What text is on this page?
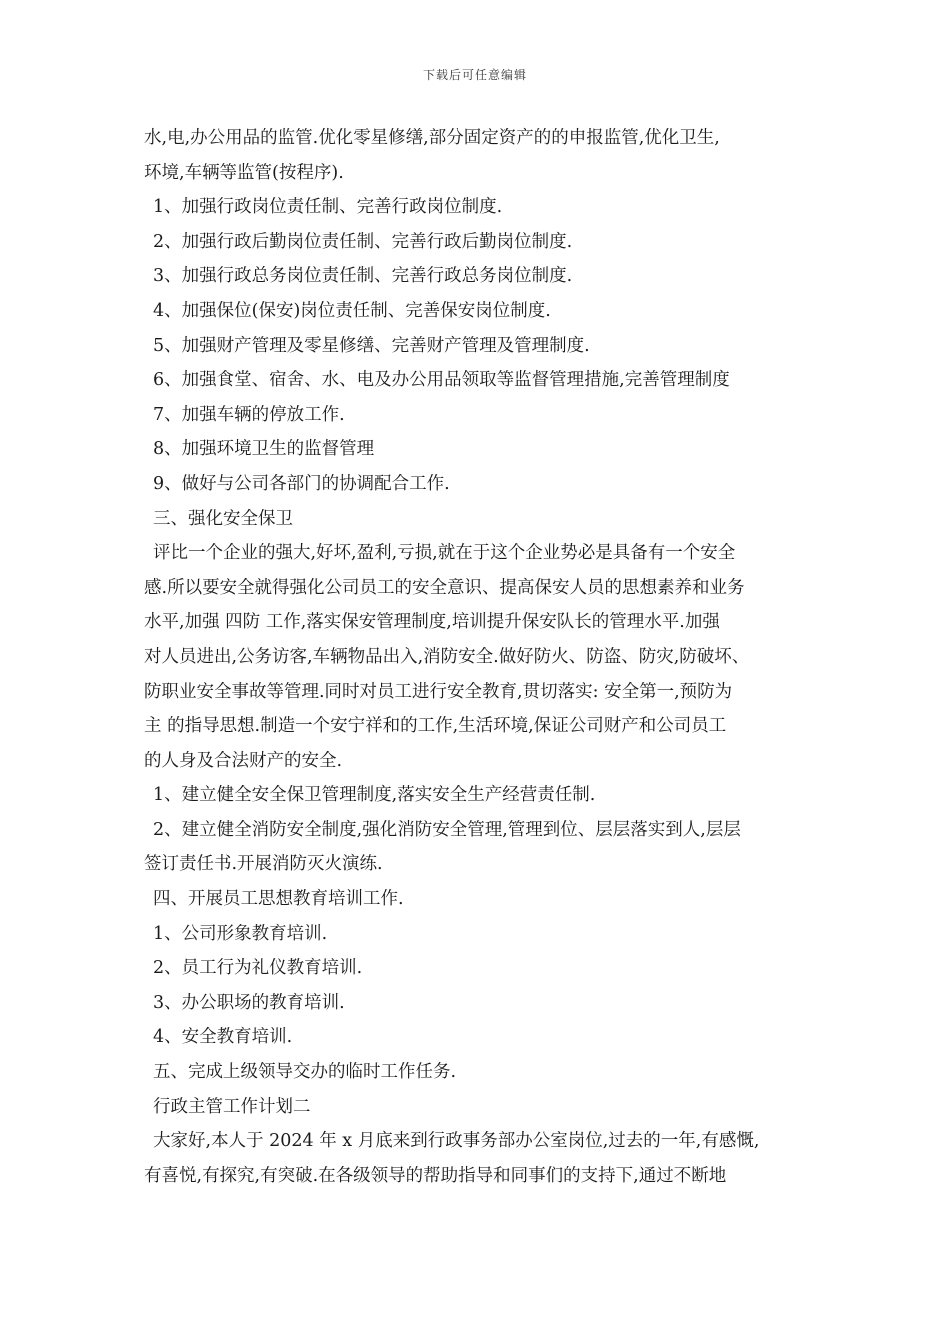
下载后可任意编辑
水,电,办公用品的监管.优化零星修缮,部分固定资产的的申报监管,优化卫生,
环境,车辆等监管(按程序).
1、加强行政岗位责任制、完善行政岗位制度.
2、加强行政后勤岗位责任制、完善行政后勤岗位制度.
3、加强行政总务岗位责任制、完善行政总务岗位制度.
4、加强保位(保安)岗位责任制、完善保安岗位制度.
5、加强财产管理及零星修缮、完善财产管理及管理制度.
6、加强食堂、宿舍、水、电及办公用品领取等监督管理措施,完善管理制度
7、加强车辆的停放工作.
8、加强环境卫生的监督管理
9、做好与公司各部门的协调配合工作.
三、强化安全保卫
评比一个企业的强大,好坏,盈利,亏损,就在于这个企业势必是具备有一个安全
感.所以要安全就得强化公司员工的安全意识、提高保安人员的思想素养和业务
水平,加强 四防 工作,落实保安管理制度,培训提升保安队长的管理水平.加强
对人员进出,公务访客,车辆物品出入,消防安全.做好防火、防盗、防灾,防破坏、
防职业安全事故等管理.同时对员工进行安全教育,贯切落实: 安全第一,预防为
主 的指导思想.制造一个安宁祥和的工作,生活环境,保证公司财产和公司员工
的人身及合法财产的安全.
1、建立健全安全保卫管理制度,落实安全生产经营责任制.
2、建立健全消防安全制度,强化消防安全管理,管理到位、层层落实到人,层层
签订责任书.开展消防灭火演练.
四、开展员工思想教育培训工作.
1、公司形象教育培训.
2、员工行为礼仪教育培训.
3、办公职场的教育培训.
4、安全教育培训.
五、完成上级领导交办的临时工作任务.
行政主管工作计划二
大家好,本人于 2024 年 x 月底来到行政事务部办公室岗位,过去的一年,有感慨,
有喜悦,有探究,有突破.在各级领导的帮助指导和同事们的支持下,通过不断地
